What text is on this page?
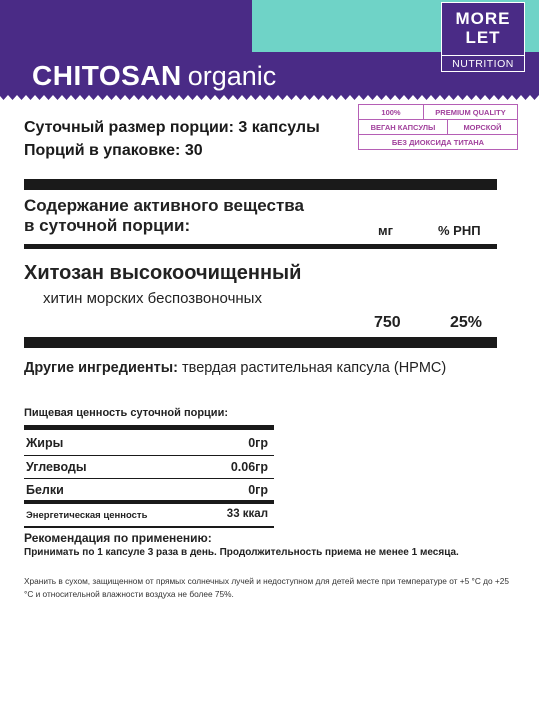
CHITOSAN organic
MORE
LET
NUTRITION
100%	PREMIUM QUALITY
ВЕГАН КАПСУЛЫ	МОРСКОЙ
БЕЗ ДИОКСИДА ТИТАНА
Суточный размер порции: 3 капсулы
Порций в упаковке: 30
Содержание активного вещества
в суточной порции:	мг	% РНП
Хитозан высокоочищенный
хитин морских беспозвоночных
750	25%
Другие ингредиенты: твердая растительная капсула (HPMC)
Пищевая ценность суточной порции:
Жиры	0гр
Углеводы	0.06гр
Белки	0гр
Энергетическая ценность	33 ккал
Рекомендация по применению:
Принимать по 1 капсуле 3 раза в день. Продолжительность приема не менее 1 месяца.
Хранить в сухом, защищенном от прямых солнечных лучей и недоступном для детей месте при температуре от +5 °С до +25 °С и относительной влажности воздуха не более 75%.
